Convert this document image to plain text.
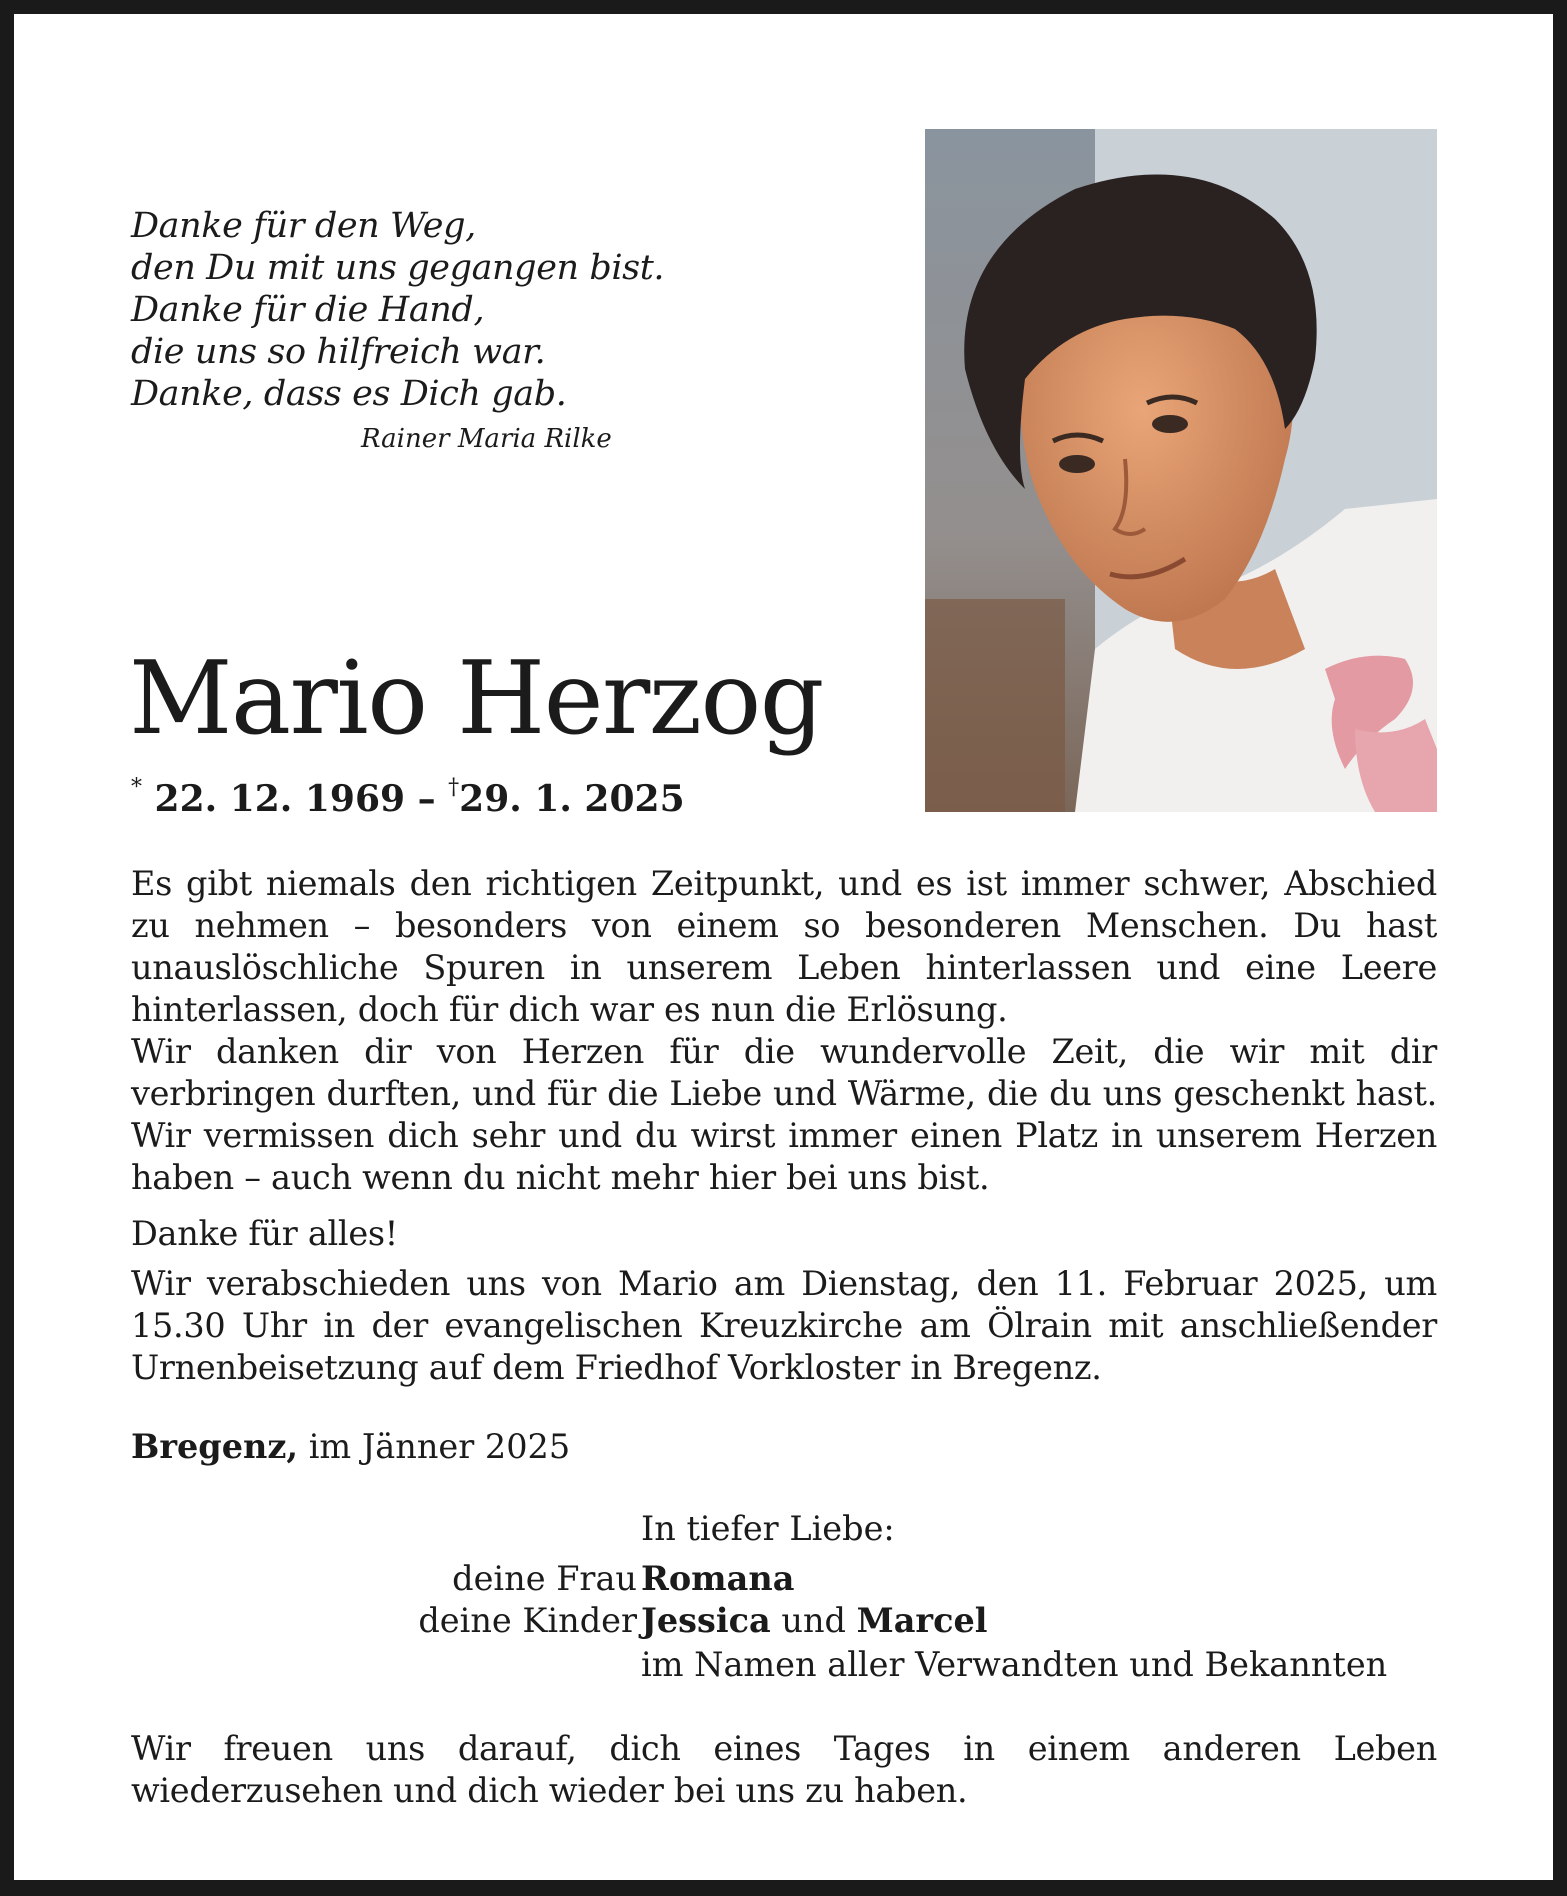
Danke für den Weg,
den Du mit uns gegangen bist.
Danke für die Hand,
die uns so hilfreich war.
Danke, dass es Dich gab.
Rainer Maria Rilke
Mario Herzog
* 22. 12. 1969 – †29. 1. 2025
Es gibt niemals den richtigen Zeitpunkt, und es ist immer schwer, Abschied zu nehmen – besonders von einem so besonderen Menschen. Du hast unauslöschliche Spuren in unserem Leben hinterlassen und eine Leere hinterlassen, doch für dich war es nun die Erlösung.
Wir danken dir von Herzen für die wundervolle Zeit, die wir mit dir verbringen durften, und für die Liebe und Wärme, die du uns geschenkt hast. Wir vermissen dich sehr und du wirst immer einen Platz in unserem Herzen haben – auch wenn du nicht mehr hier bei uns bist.
Danke für alles!
Wir verabschieden uns von Mario am Dienstag, den 11. Februar 2025, um 15.30 Uhr in der evangelischen Kreuzkirche am Ölrain mit anschließender Urnenbeisetzung auf dem Friedhof Vorkloster in Bregenz.
Bregenz, im Jänner 2025
In tiefer Liebe:
deine Frau Romana
deine Kinder Jessica und Marcel
im Namen aller Verwandten und Bekannten
Wir freuen uns darauf, dich eines Tages in einem anderen Leben wiederzusehen und dich wieder bei uns zu haben.
